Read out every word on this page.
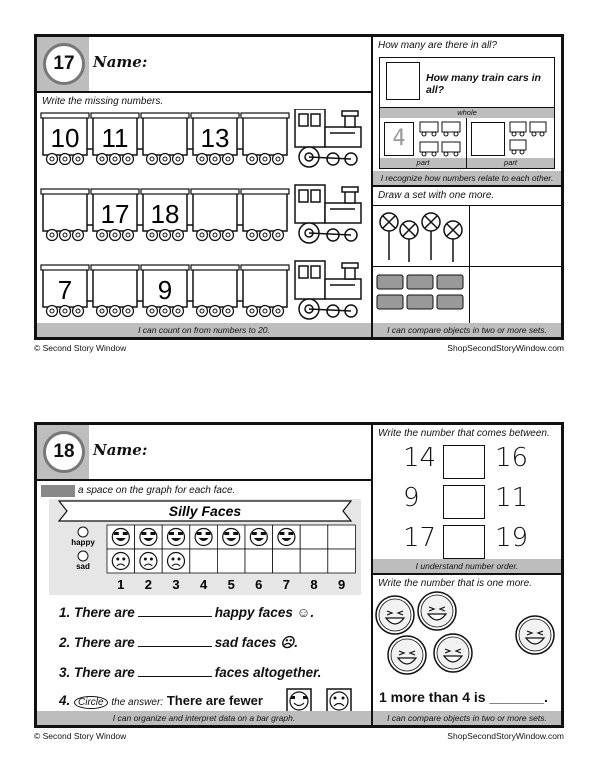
17	Name:
Write the missing numbers.
10 11	13
17 18
7	9
I can count on from numbers to 20.
How many are there in all?
How many train cars in all?
whole
4
part	part
I recognize how numbers relate to each other.
Draw a set with one more.
I can compare objects in two or more sets.
© Second Story Window	ShopSecondStoryWindow.com
18	Name:
a space on the graph for each face.
Silly Faces
happy
sad
1 2 3 4 5 6 7 8 9
1. There are	happy faces ☺.
2. There are	sad faces ☹.
3. There are	faces altogether.
4. Circle the answer: There are fewer
I can organize and interpret data on a bar graph.
Write the number that comes between.
14 16
9	11
17 19
I understand number order.
Write the number that is one more.
1 more than 4 is _______.
I can compare objects in two or more sets.
© Second Story Window	ShopSecondStoryWindow.com
